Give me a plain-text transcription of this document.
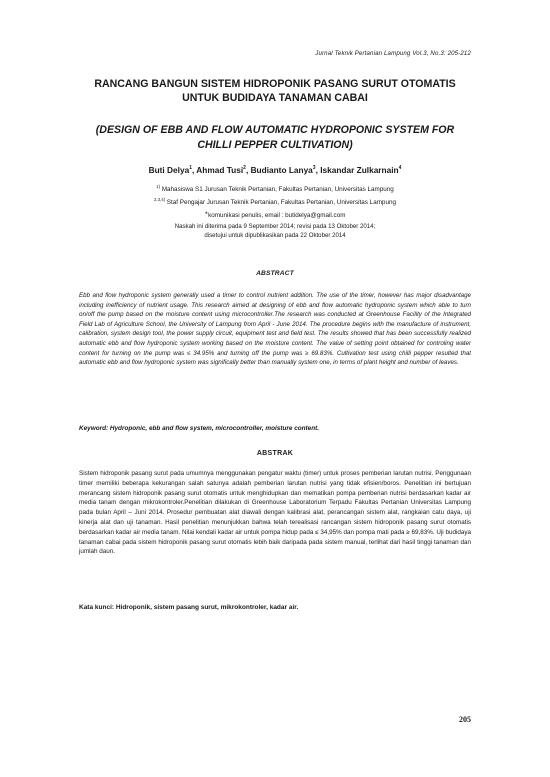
Jurnal Teknik Pertanian Lampung Vol.3, No.3: 205-212
RANCANG BANGUN SISTEM HIDROPONIK PASANG SURUT OTOMATIS
UNTUK BUDIDAYA TANAMAN CABAI
(DESIGN OF EBB AND FLOW AUTOMATIC HYDROPONIC SYSTEM FOR
CHILLI PEPPER CULTIVATION)
Buti Delya$^1$, Ahmad Tusi$^2$, Budianto Lanya$^3$, Iskandar Zulkarnain$^4$
$^{1)}$ Mahasiswa S1 Jurusan Teknik Pertanian, Fakultas Pertanian, Universitas Lampung
$^{2,3,4)}$ Staf Pengajar Jurusan Teknik Pertanian, Fakultas Pertanian, Universitas Lampung
∗komunikasi penulis, email : butidelya@gmail.com
Naskah ini diterima pada 9 September 2014; revisi pada 13 Oktober 2014;
disetujui untuk dipublikasikan pada 22 Oktober 2014
ABSTRACT
Ebb and flow hydroponic system generally used a timer to control nutrient addition. The use of the timer, however has major disadvantage including inefficiency of nutrient usage. This research aimed at designing of ebb and flow automatic hydroponic system which able to turn on/off the pump based on the moisture content using microcontroller.The research was conducted at Greenhouse Facility of the Integrated Field Lab of Agriculture School, the University of Lampung from April - June 2014. The procedure begins with the manufacture of instrument, calibration, system design tool, the power supply circuit, equipment test and field test. The results showed that has been successfully realized automatic ebb and flow hydroponic system working based on the moisture content. The value of setting point obtained for controling water content for turning on the pump was ≤ 34.95% and turning off the pump was ≥ 69.83%. Cultivation test using chilli pepper resulted that automatic ebb and flow hydroponic system was significally better than manually system one, in terms of plant height and number of leaves.
Keyword: Hydroponic, ebb and flow system, microcontroller, moisture content.
ABSTRAK
Sistem hidroponik pasang surut pada umumnya menggunakan pengatur waktu (timer) untuk proses pemberian larutan nutrisi. Penggunaan timer memiliki beberapa kekurangan salah satunya adalah pemberian larutan nutrisi yang tidak efisien/boros. Penelitian ini bertujuan merancang sistem hidroponik pasang surut otomatis untuk menghidupkan dan mematikan pompa pemberian nutrisi berdasarkan kadar air media tanam dengan mikrokontroler.Penelitian dilakukan di Greenhouse Laboratorium Terpadu Fakultas Pertanian Universitas Lampung pada bulan April – Juni 2014. Prosedur pembuatan alat diawali dengan kalibrasi alat, perancangan sistem alat, rangkaian catu daya, uji kinerja alat dan uji tanaman. Hasil penelitian menunjukkan bahwa telah terealisasi rancangan sistem hidroponik pasang surut otomatis berdasarkan kadar air media tanam. Nilai kendali kadar air untuk pompa hidup pada ≤ 34,95% dan pompa mati pada ≥ 69,83%. Uji budidaya tanaman cabai pada sistem hidroponik pasang surut otomatis lebih baik daripada pada sistem manual, terlihat dari hasil tinggi tanaman dan jumlah daun.
Kata kunci: Hidroponik, sistem pasang surut, mikrokontroler, kadar air.
205
